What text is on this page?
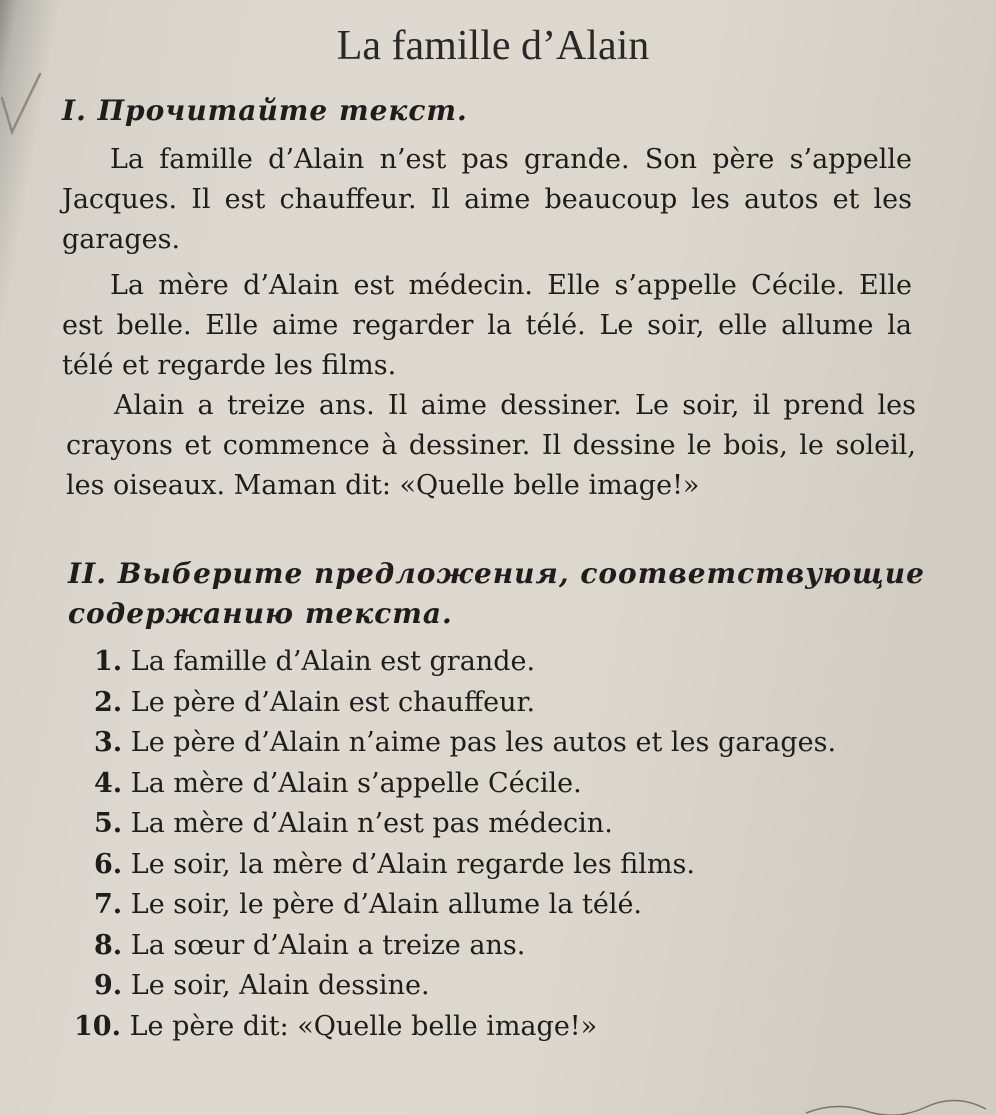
La famille d’Alain
I. Прочитайте текст.
La famille d’Alain n’est pas grande. Son père s’appelle Jacques. Il est chauffeur. Il aime beaucoup les autos et les garages.
La mère d’Alain est médecin. Elle s’appelle Cécile. Elle est belle. Elle aime regarder la télé. Le soir, elle allume la télé et regarde les films.
Alain a treize ans. Il aime dessiner. Le soir, il prend les crayons et commence à dessiner. Il dessine le bois, le soleil, les oiseaux. Maman dit: «Quelle belle image!»
II. Выберите предложения, соответствующие содержанию текста.
1. La famille d’Alain est grande.
2. Le père d’Alain est chauffeur.
3. Le père d’Alain n’aime pas les autos et les garages.
4. La mère d’Alain s’appelle Cécile.
5. La mère d’Alain n’est pas médecin.
6. Le soir, la mère d’Alain regarde les films.
7. Le soir, le père d’Alain allume la télé.
8. La sœur d’Alain a treize ans.
9. Le soir, Alain dessine.
10. Le père dit: «Quelle belle image!»
